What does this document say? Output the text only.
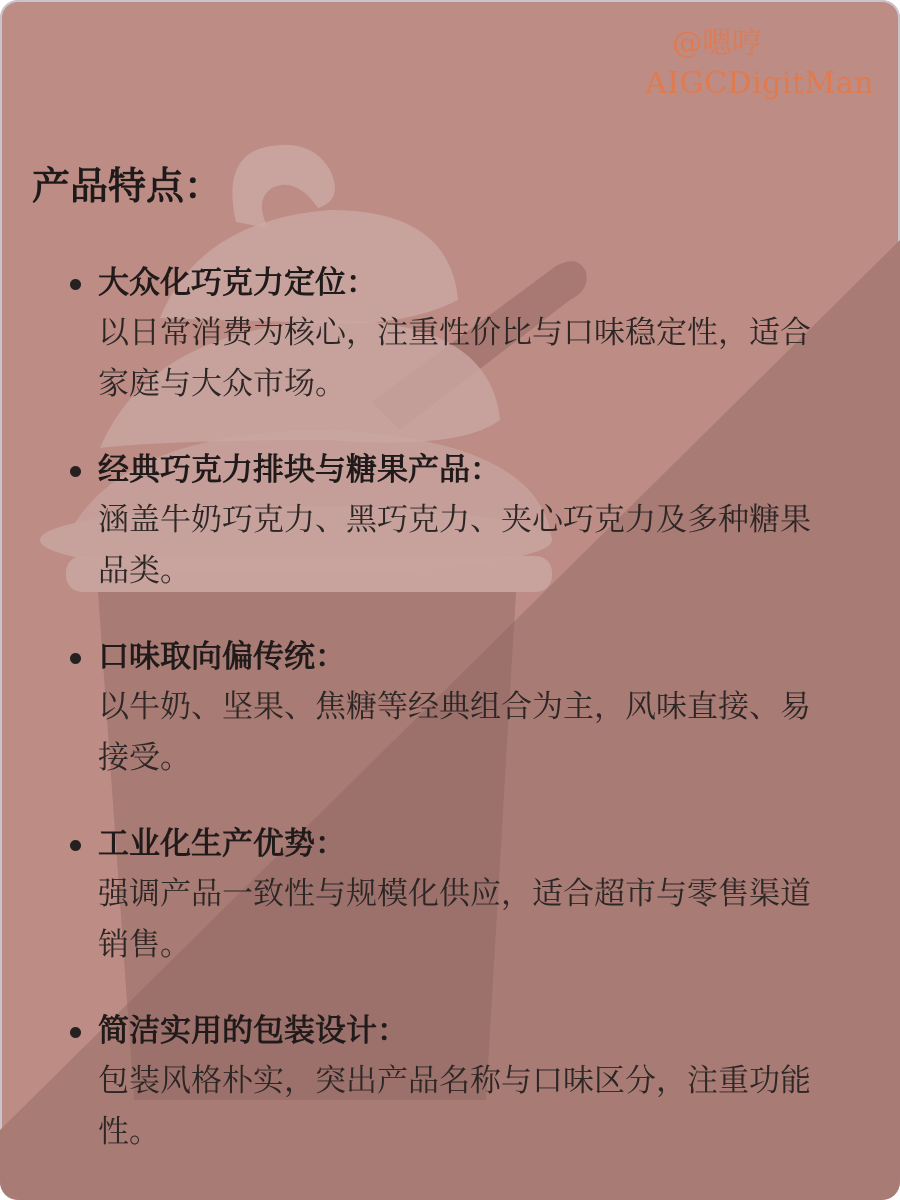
@嗯哼
AIGCDigitMan
产品特点：
大众化巧克力定位：
以日常消费为核心，注重性价比与口味稳定性，适合家庭与大众市场。
经典巧克力排块与糖果产品：
涵盖牛奶巧克力、黑巧克力、夹心巧克力及多种糖果品类。
口味取向偏传统：
以牛奶、坚果、焦糖等经典组合为主，风味直接、易接受。
工业化生产优势：
强调产品一致性与规模化供应，适合超市与零售渠道销售。
简洁实用的包装设计：
包装风格朴实，突出产品名称与口味区分，注重功能性。
